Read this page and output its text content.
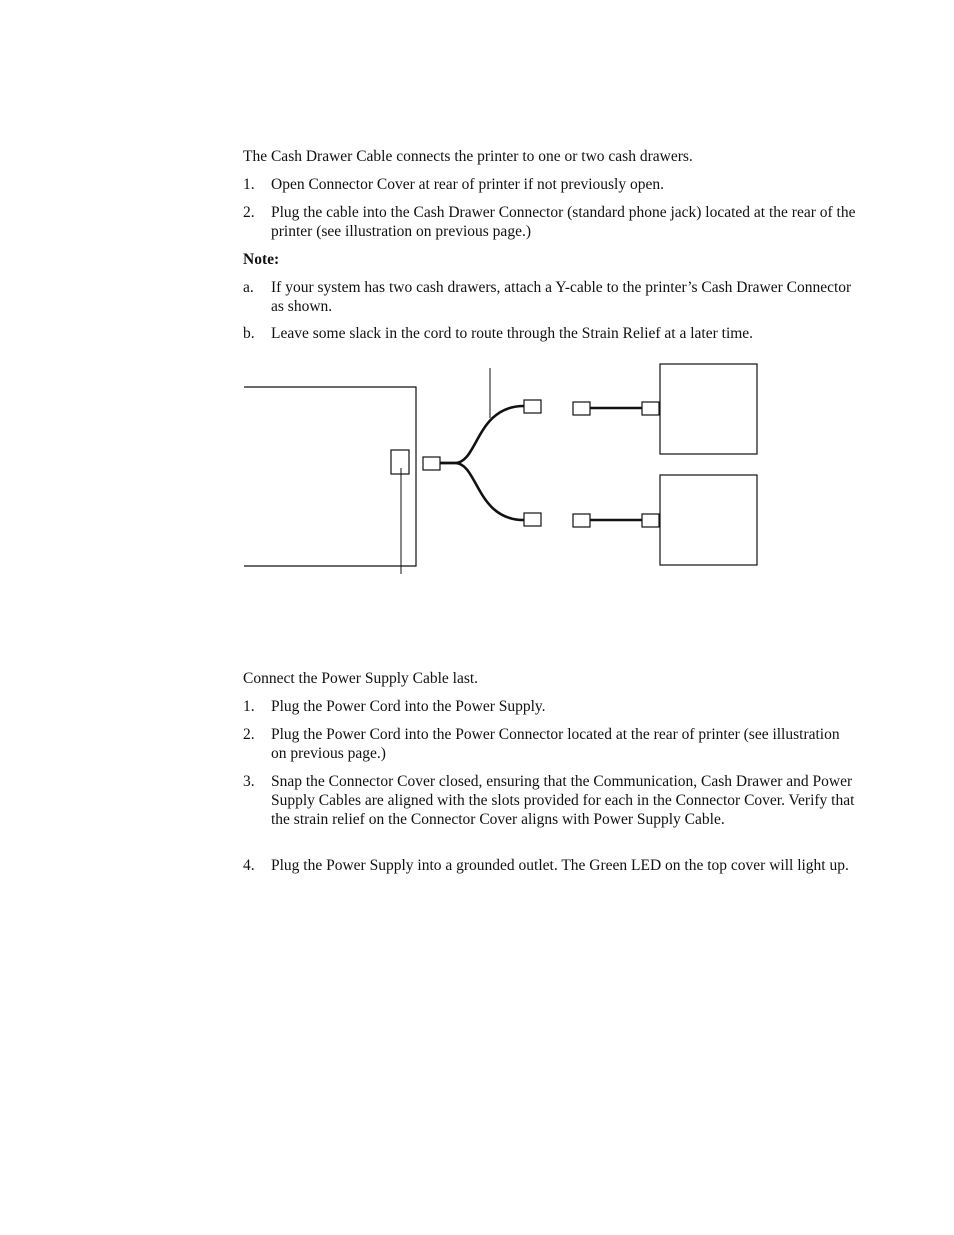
The Cash Drawer Cable connects the printer to one or two cash drawers.

1.	Open Connector Cover at rear of printer if not previously open.
2.	Plug the cable into the Cash Drawer Connector (standard phone jack) located at the rear of the printer (see illustration on previous page.)

Note:

a.	If your system has two cash drawers, attach a Y-cable to the printer’s Cash Drawer Connector as shown.
b.	Leave some slack in the cord to route through the Strain Relief at a later time.

Connect the Power Supply Cable last.

1.	Plug the Power Cord into the Power Supply.
2.	Plug the Power Cord into the Power Connector located at the rear of printer (see illustration on previous page.)
3.	Snap the Connector Cover closed, ensuring that the Communication, Cash Drawer and Power Supply Cables are aligned with the slots provided for each in the Connector Cover. Verify that the strain relief on the Connector Cover aligns with Power Supply Cable.
4.	Plug the Power Supply into a grounded outlet. The Green LED on the top cover will light up.
